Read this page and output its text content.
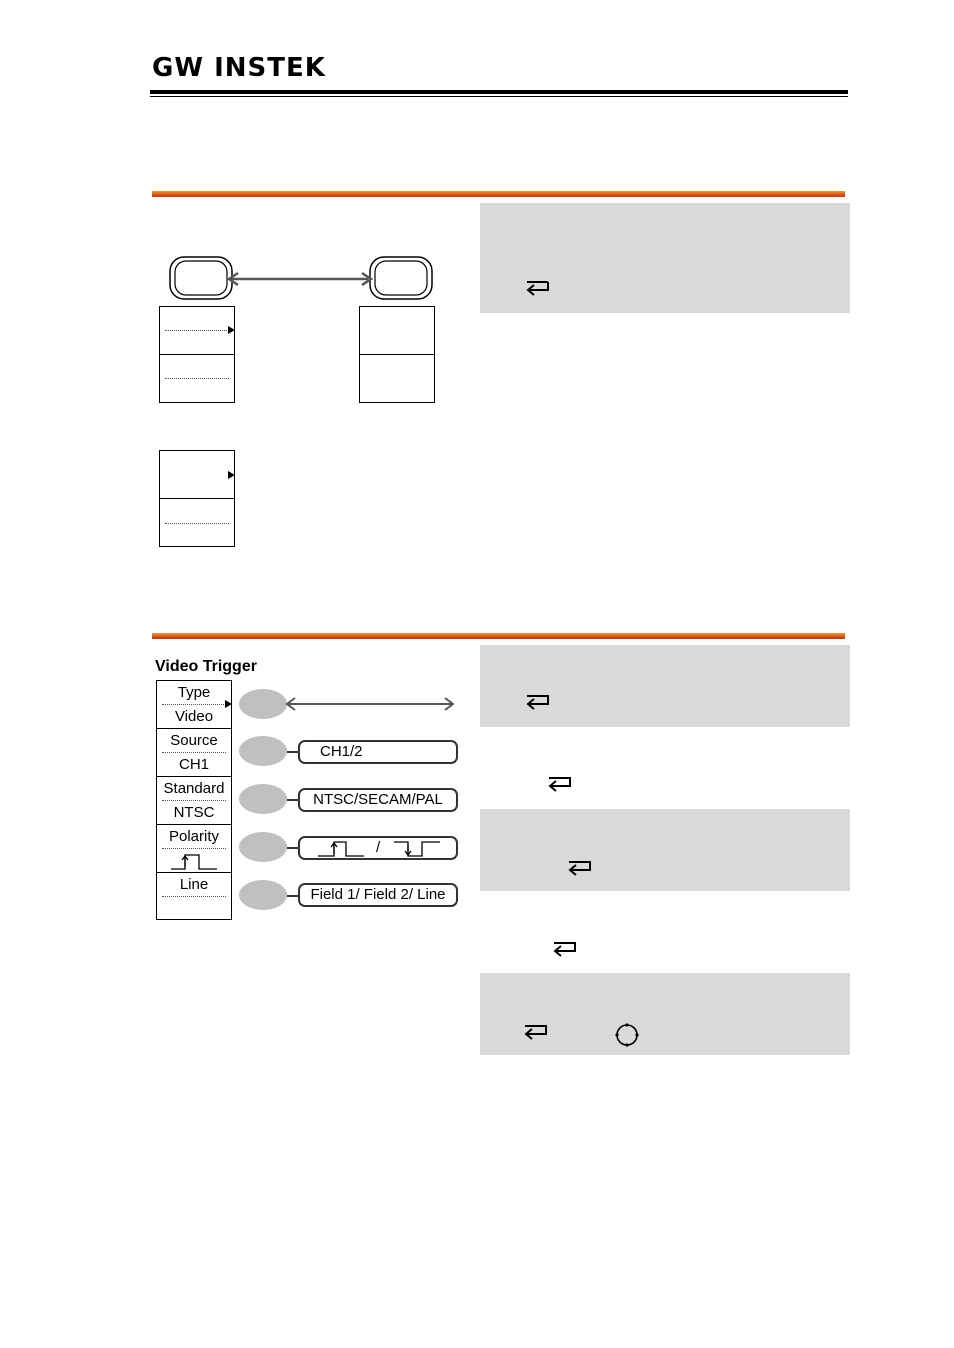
GW INSTEK
Video Trigger
Type
Video
Source
CH1
Standard
NTSC
Polarity
Line
CH1/2
NTSC/SECAM/PAL
/
Field 1/ Field 2/ Line
